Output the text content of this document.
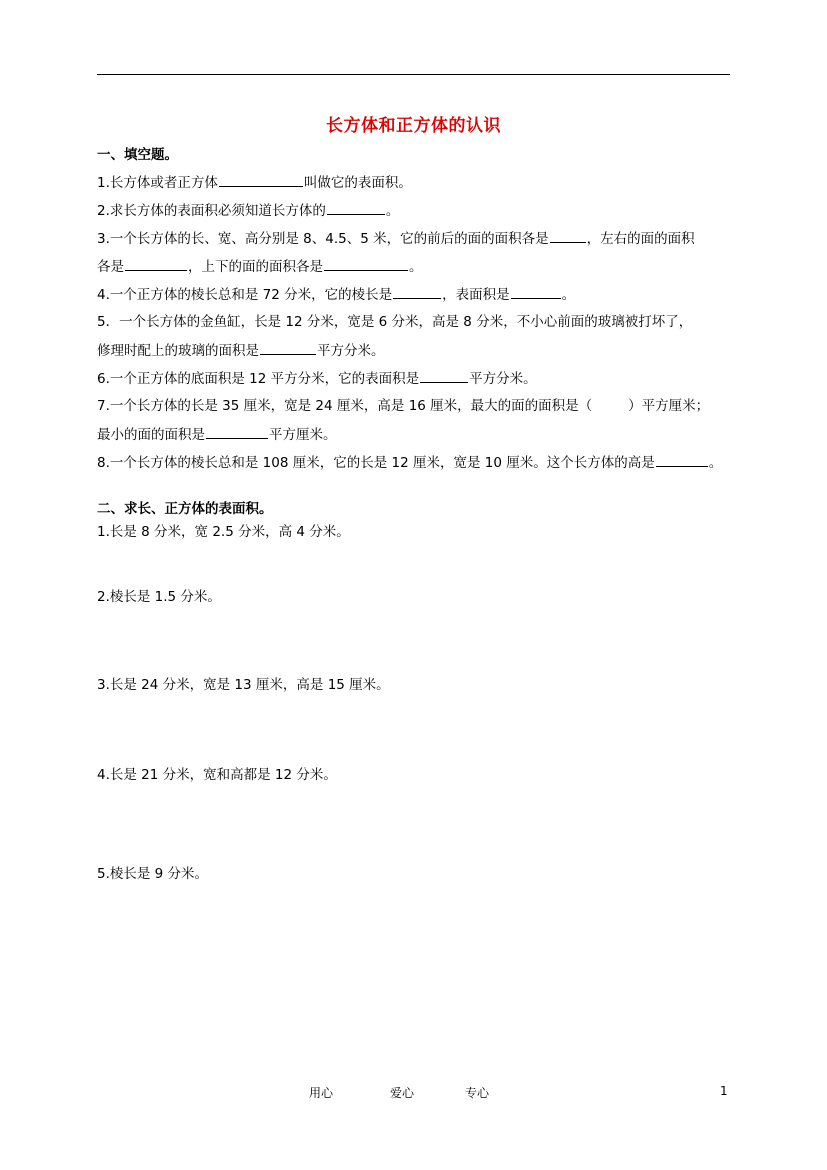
长方体和正方体的认识
一、填空题。
1.长方体或者正方体	叫做它的表面积。
2.求长方体的表面积必须知道长方体的	。
3.一个长方体的长、宽、高分别是 8、4.5、5 米，它的前后的面的面积各是	，左右的面的面积
各是	，上下的面的面积各是	。
4.一个正方体的棱长总和是 72 分米，它的棱长是	，表面积是	。
5．一个长方体的金鱼缸，长是 12 分米，宽是 6 分米，高是 8 分米，不小心前面的玻璃被打坏了，
修理时配上的玻璃的面积是	平方分米。
6.一个正方体的底面积是 12 平方分米，它的表面积是	平方分米。
7.一个长方体的长是 35 厘米，宽是 24 厘米，高是 16 厘米，最大的面的面积是（	）平方厘米；
最小的面的面积是	平方厘米。
8.一个长方体的棱长总和是 108 厘米，它的长是 12 厘米，宽是 10 厘米。这个长方体的高是	。
二、求长、正方体的表面积。
1.长是 8 分米，宽 2.5 分米，高 4 分米。
2.棱长是 1.5 分米。
3.长是 24 分米，宽是 13 厘米，高是 15 厘米。
4.长是 21 分米，宽和高都是 12 分米。
5.棱长是 9 分米。
用心	爱心	专心	1
